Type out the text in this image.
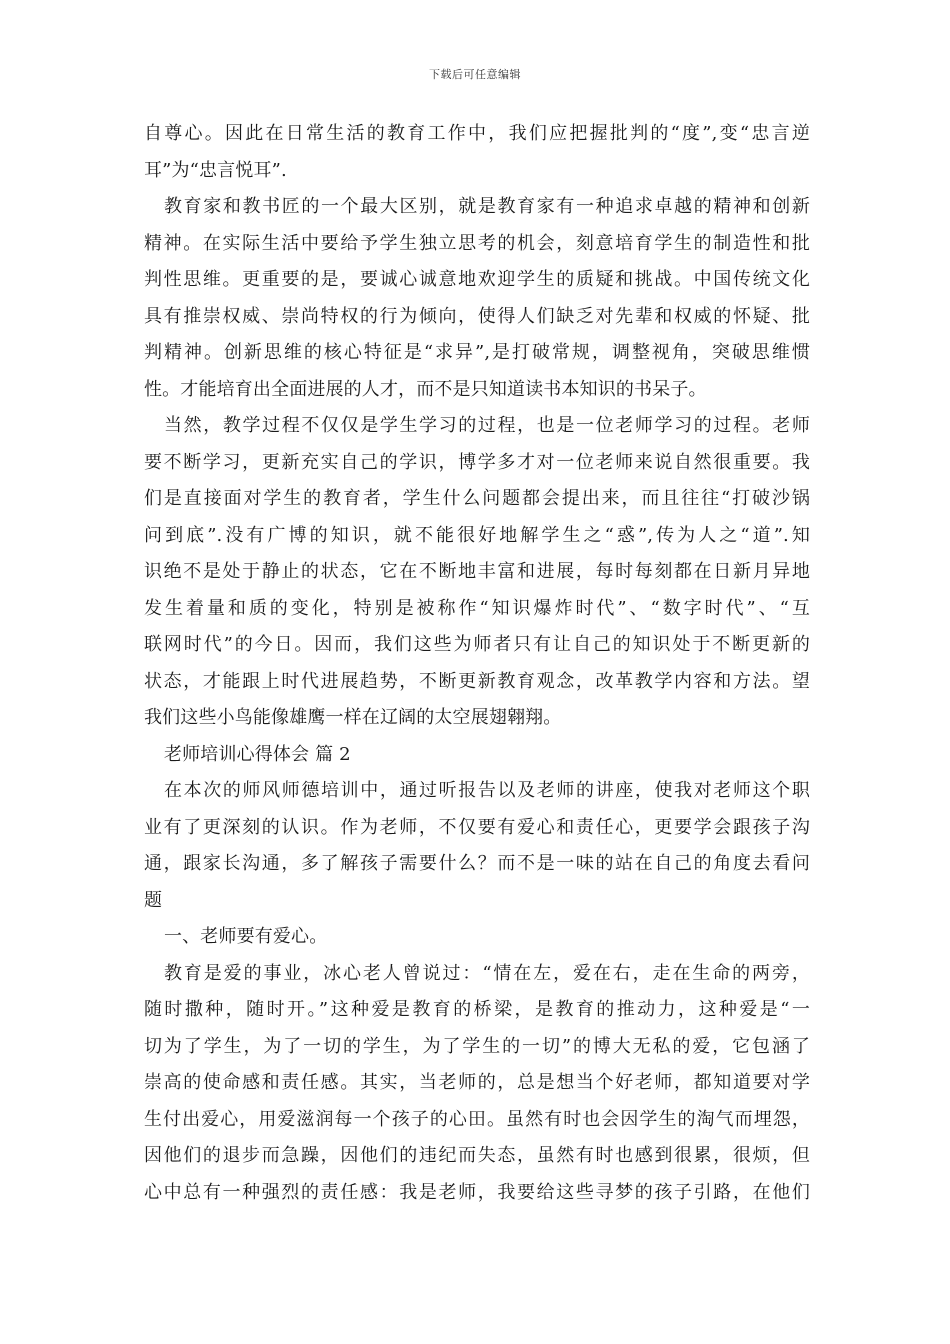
下载后可任意编辑
自尊心。因此在日常生活的教育工作中，我们应把握批判的“度”,变“忠言逆
耳”为“忠言悦耳”.
教育家和教书匠的一个最大区别，就是教育家有一种追求卓越的精神和创新
精神。在实际生活中要给予学生独立思考的机会，刻意培育学生的制造性和批
判性思维。更重要的是，要诚心诚意地欢迎学生的质疑和挑战。中国传统文化
具有推崇权威、崇尚特权的行为倾向，使得人们缺乏对先辈和权威的怀疑、批
判精神。创新思维的核心特征是“求异”,是打破常规，调整视角，突破思维惯
性。才能培育出全面进展的人才，而不是只知道读书本知识的书呆子。
当然，教学过程不仅仅是学生学习的过程，也是一位老师学习的过程。老师
要不断学习，更新充实自己的学识，博学多才对一位老师来说自然很重要。我
们是直接面对学生的教育者，学生什么问题都会提出来，而且往往“打破沙锅
问到底”.没有广博的知识，就不能很好地解学生之“惑”,传为人之“道”.知
识绝不是处于静止的状态，它在不断地丰富和进展，每时每刻都在日新月异地
发生着量和质的变化，特别是被称作“知识爆炸时代”、“数字时代”、“互
联网时代”的今日。因而，我们这些为师者只有让自己的知识处于不断更新的
状态，才能跟上时代进展趋势，不断更新教育观念，改革教学内容和方法。望
我们这些小鸟能像雄鹰一样在辽阔的太空展翅翱翔。
老师培训心得体会 篇 2
在本次的师风师德培训中，通过听报告以及老师的讲座，使我对老师这个职
业有了更深刻的认识。作为老师，不仅要有爱心和责任心，更要学会跟孩子沟
通，跟家长沟通，多了解孩子需要什么？而不是一味的站在自己的角度去看问
题
一、老师要有爱心。
教育是爱的事业，冰心老人曾说过：“情在左，爱在右，走在生命的两旁，
随时撒种，随时开。”这种爱是教育的桥梁，是教育的推动力，这种爱是“一
切为了学生，为了一切的学生，为了学生的一切”的博大无私的爱，它包涵了
崇高的使命感和责任感。其实，当老师的，总是想当个好老师，都知道要对学
生付出爱心，用爱滋润每一个孩子的心田。虽然有时也会因学生的淘气而埋怨，
因他们的退步而急躁，因他们的违纪而失态，虽然有时也感到很累，很烦，但
心中总有一种强烈的责任感：我是老师，我要给这些寻梦的孩子引路，在他们
